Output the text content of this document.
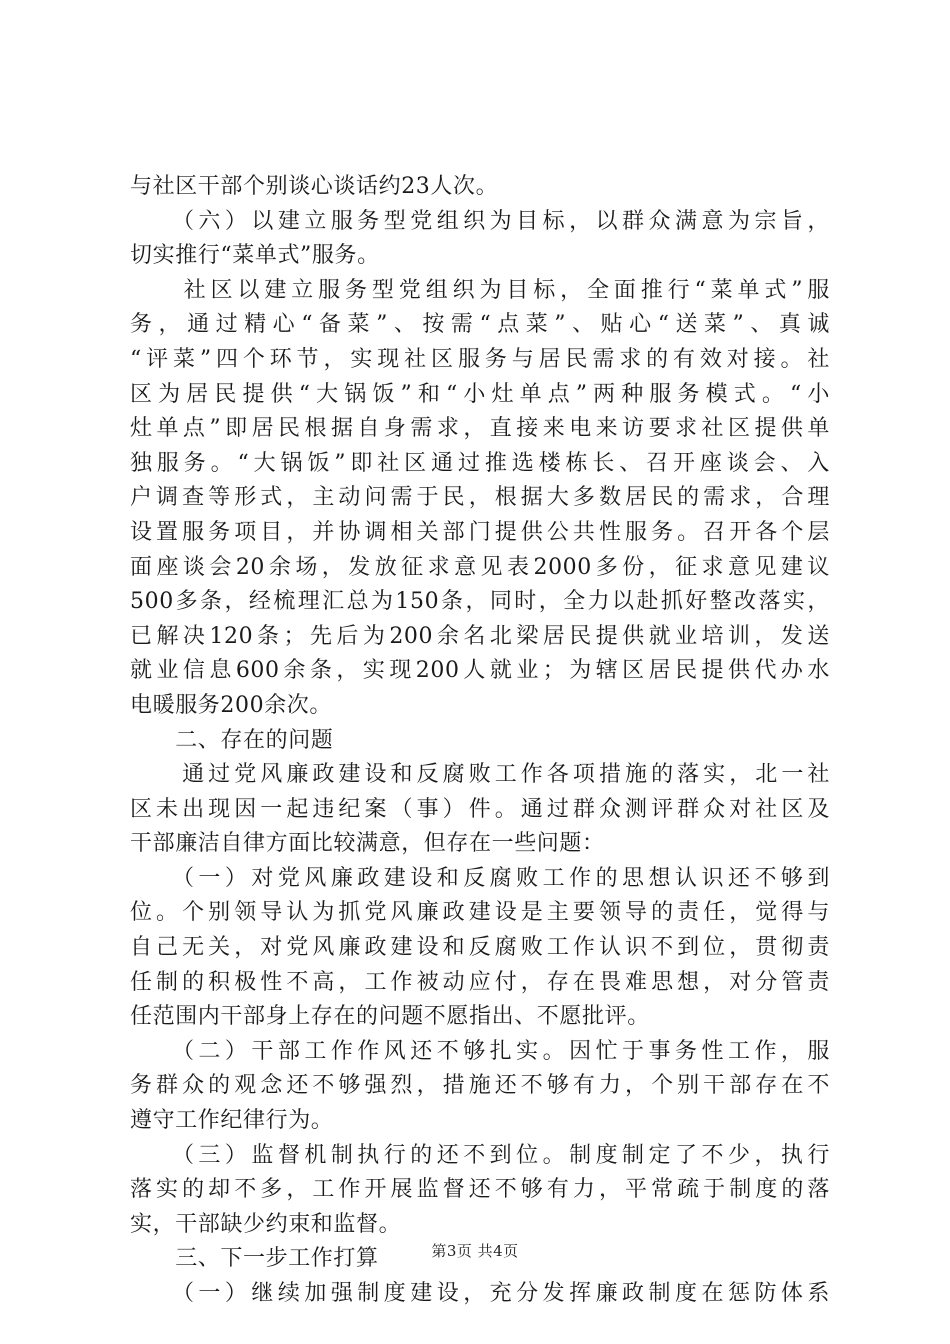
与社区干部个别谈心谈话约23人次。
　　（六）以建立服务型党组织为目标，以群众满意为宗旨，
切实推行“菜单式”服务。
　　社区以建立服务型党组织为目标，全面推行“菜单式”服
务，通过精心“备菜”、按需“点菜”、贴心“送菜”、真诚
“评菜”四个环节，实现社区服务与居民需求的有效对接。社
区为居民提供“大锅饭”和“小灶单点”两种服务模式。“小
灶单点”即居民根据自身需求，直接来电来访要求社区提供单
独服务。“大锅饭”即社区通过推选楼栋长、召开座谈会、入
户调查等形式，主动问需于民，根据大多数居民的需求，合理
设置服务项目，并协调相关部门提供公共性服务。召开各个层
面座谈会20余场，发放征求意见表2000多份，征求意见建议
500多条，经梳理汇总为150条，同时，全力以赴抓好整改落实，
已解决120条；先后为200余名北梁居民提供就业培训，发送
就业信息600余条，实现200人就业；为辖区居民提供代办水
电暖服务200余次。
　　二、存在的问题
　　通过党风廉政建设和反腐败工作各项措施的落实，北一社
区未出现因一起违纪案（事）件。通过群众测评群众对社区及
干部廉洁自律方面比较满意，但存在一些问题：
　　（一）对党风廉政建设和反腐败工作的思想认识还不够到
位。个别领导认为抓党风廉政建设是主要领导的责任，觉得与
自己无关，对党风廉政建设和反腐败工作认识不到位，贯彻责
任制的积极性不高，工作被动应付，存在畏难思想，对分管责
任范围内干部身上存在的问题不愿指出、不愿批评。
　　（二）干部工作作风还不够扎实。因忙于事务性工作，服
务群众的观念还不够强烈，措施还不够有力，个别干部存在不
遵守工作纪律行为。
　　（三）监督机制执行的还不到位。制度制定了不少，执行
落实的却不多，工作开展监督还不够有力，平常疏于制度的落
实，干部缺少约束和监督。
　　三、下一步工作打算
　　（一）继续加强制度建设，充分发挥廉政制度在惩防体系
第3页 共4页
